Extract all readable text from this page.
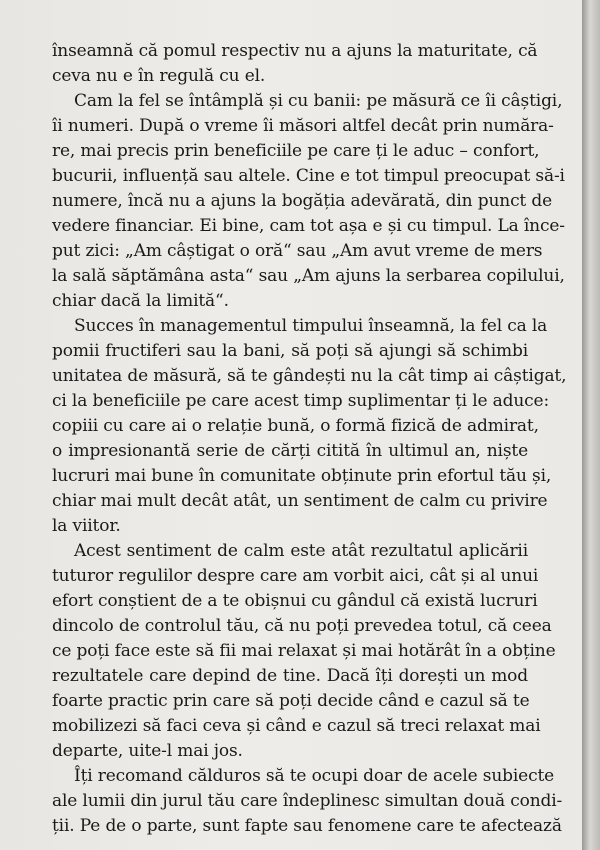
înseamnă că pomul respectiv nu a ajuns la maturitate, că
ceva nu e în regulă cu el.
Cam la fel se întâmplă și cu banii: pe măsură ce îi câștigi,
îi numeri. După o vreme îi măsori altfel decât prin număra-
re, mai precis prin beneficiile pe care ți le aduc – confort,
bucurii, influență sau altele. Cine e tot timpul preocupat să-i
numere, încă nu a ajuns la bogăția adevărată, din punct de
vedere financiar. Ei bine, cam tot așa e și cu timpul. La înce-
put zici: „Am câștigat o oră“ sau „Am avut vreme de mers
la sală săptămâna asta“ sau „Am ajuns la serbarea copilului,
chiar dacă la limită“.
Succes în managementul timpului înseamnă, la fel ca la
pomii fructiferi sau la bani, să poți să ajungi să schimbi
unitatea de măsură, să te gândești nu la cât timp ai câștigat,
ci la beneficiile pe care acest timp suplimentar ți le aduce:
copiii cu care ai o relație bună, o formă fizică de admirat,
o impresionantă serie de cărți citită în ultimul an, niște
lucruri mai bune în comunitate obținute prin efortul tău și,
chiar mai mult decât atât, un sentiment de calm cu privire
la viitor.
Acest sentiment de calm este atât rezultatul aplicării
tuturor regulilor despre care am vorbit aici, cât și al unui
efort conștient de a te obișnui cu gândul că există lucruri
dincolo de controlul tău, că nu poți prevedea totul, că ceea
ce poți face este să fii mai relaxat și mai hotărât în a obține
rezultatele care depind de tine. Dacă îți dorești un mod
foarte practic prin care să poți decide când e cazul să te
mobilizezi să faci ceva și când e cazul să treci relaxat mai
departe, uite-l mai jos.
Îți recomand călduros să te ocupi doar de acele subiecte
ale lumii din jurul tău care îndeplinesc simultan două condi-
ții. Pe de o parte, sunt fapte sau fenomene care te afectează
